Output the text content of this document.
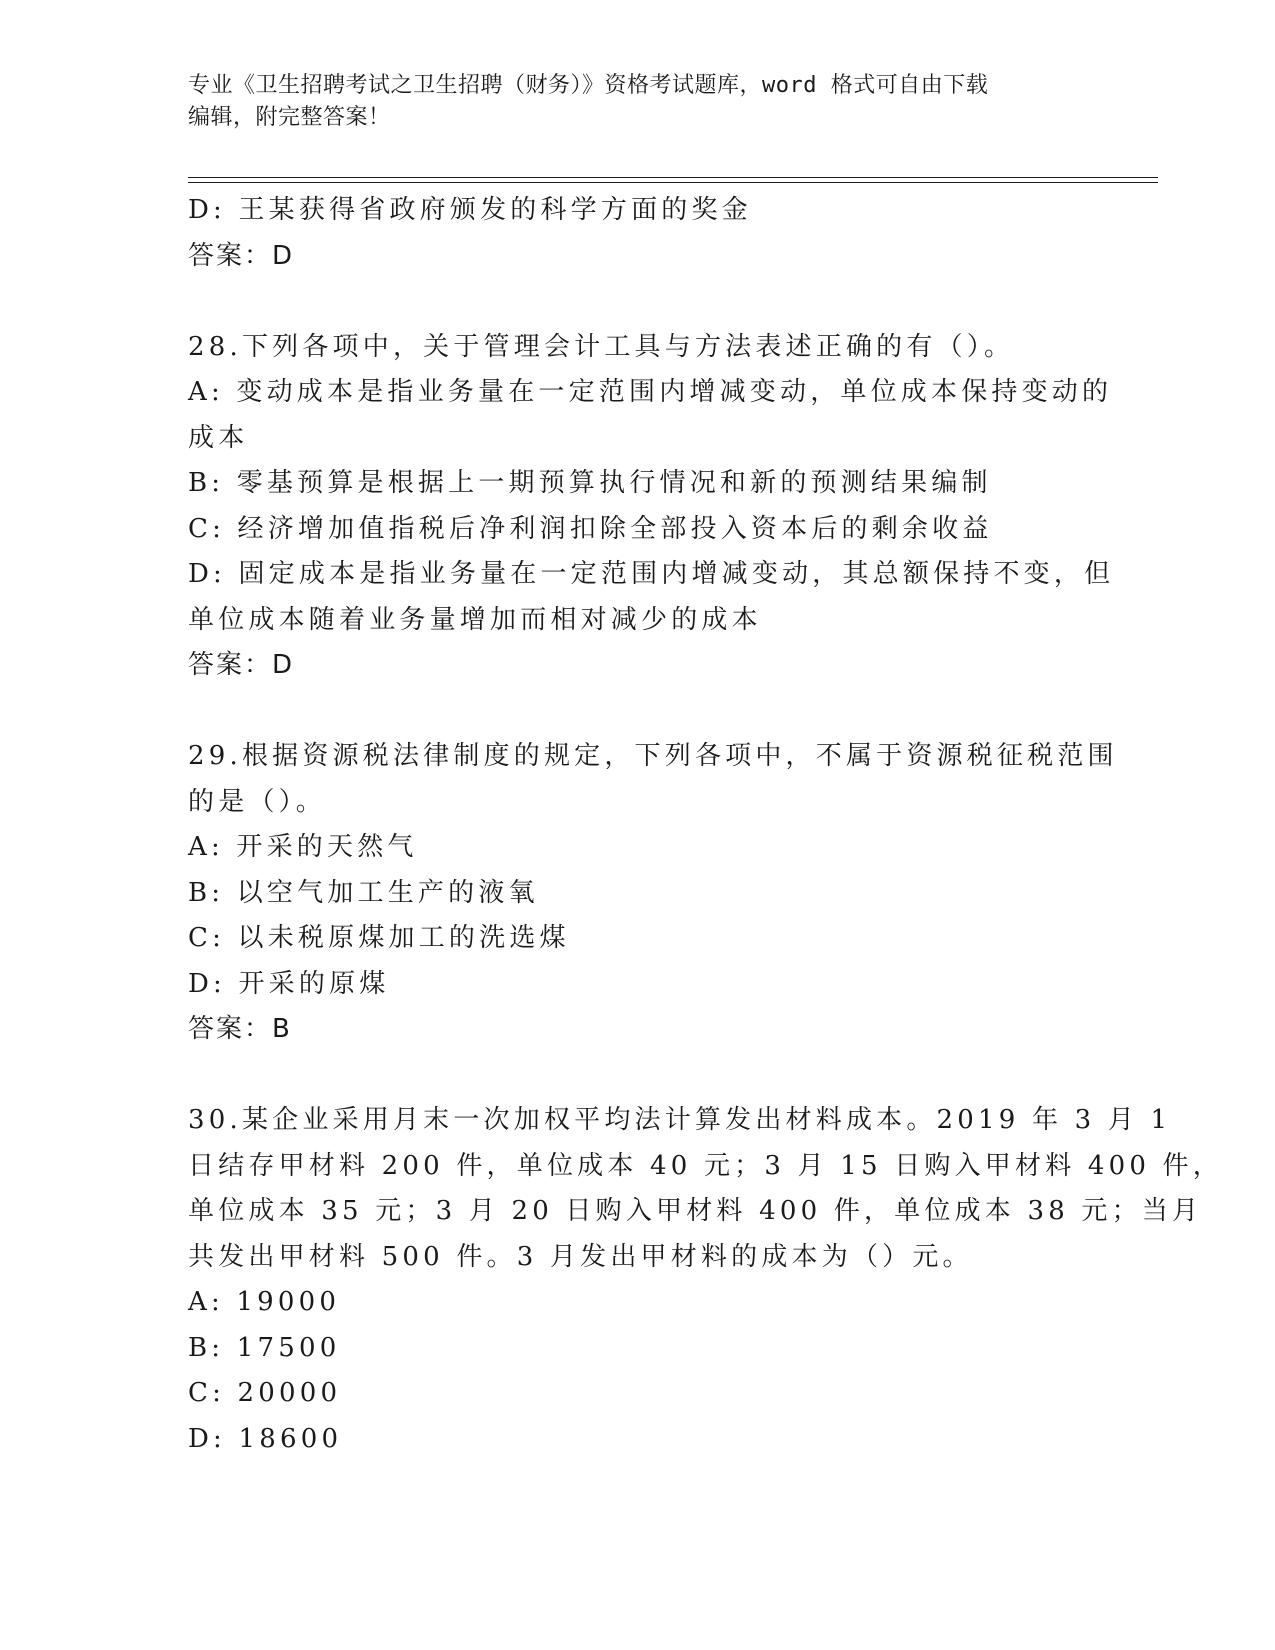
专业《卫生招聘考试之卫生招聘（财务）》资格考试题库，word 格式可自由下载
编辑，附完整答案！
D: 王某获得省政府颁发的科学方面的奖金
答案：D
28.下列各项中，关于管理会计工具与方法表述正确的有（）。
A: 变动成本是指业务量在一定范围内增减变动，单位成本保持变动的
成本
B: 零基预算是根据上一期预算执行情况和新的预测结果编制
C: 经济增加值指税后净利润扣除全部投入资本后的剩余收益
D: 固定成本是指业务量在一定范围内增减变动，其总额保持不变，但
单位成本随着业务量增加而相对减少的成本
答案：D
29.根据资源税法律制度的规定，下列各项中，不属于资源税征税范围
的是（）。
A: 开采的天然气
B: 以空气加工生产的液氧
C: 以未税原煤加工的洗选煤
D: 开采的原煤
答案：B
30.某企业采用月末一次加权平均法计算发出材料成本。2019 年 3 月 1
日结存甲材料 200 件，单位成本 40 元；3 月 15 日购入甲材料 400 件，
单位成本 35 元；3 月 20 日购入甲材料 400 件，单位成本 38 元；当月
共发出甲材料 500 件。3 月发出甲材料的成本为（）元。
A: 19000
B: 17500
C: 20000
D: 18600
